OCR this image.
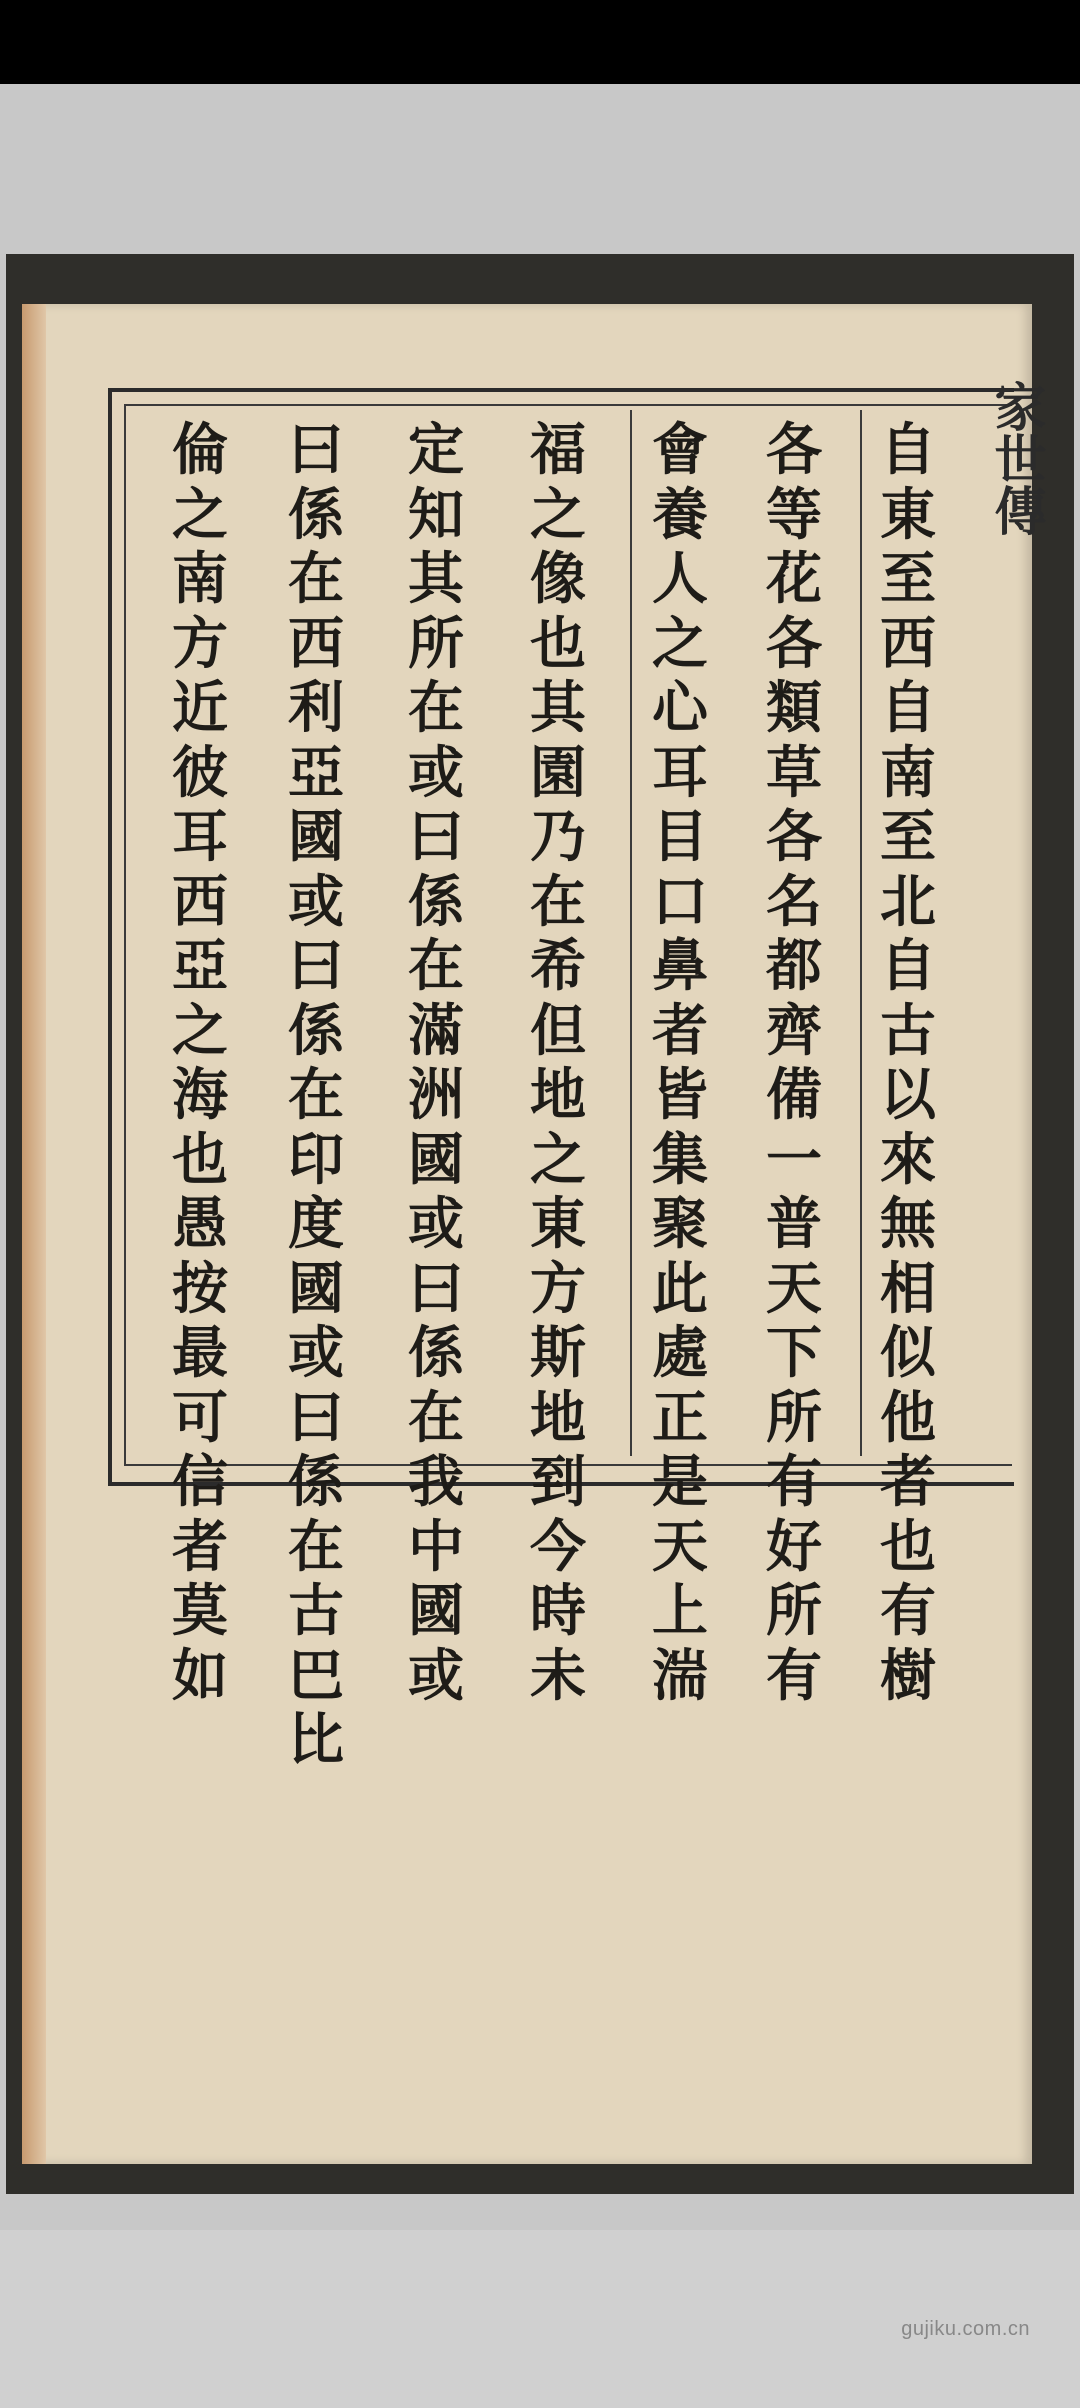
家世傳
自
東
至
西
自
南
至
北
自
古
以
來
無
相
似
他
者
也
有
樹
各
等
花
各
類
草
各
名
都
齊
備
一
普
天
下
所
有
好
所
有
會
養
人
之
心
耳
目
口
鼻
者
皆
集
聚
此
處
正
是
天
上
湍
福
之
像
也
其
園
乃
在
希
但
地
之
東
方
斯
地
到
今
時
未
定
知
其
所
在
或
曰
係
在
滿
洲
國
或
曰
係
在
我
中
國
或
曰
係
在
西
利
亞
國
或
曰
係
在
印
度
國
或
曰
係
在
古
巴
比
倫
之
南
方
近
彼
耳
西
亞
之
海
也
愚
按
最
可
信
者
莫
如
gujiku.com.cn
